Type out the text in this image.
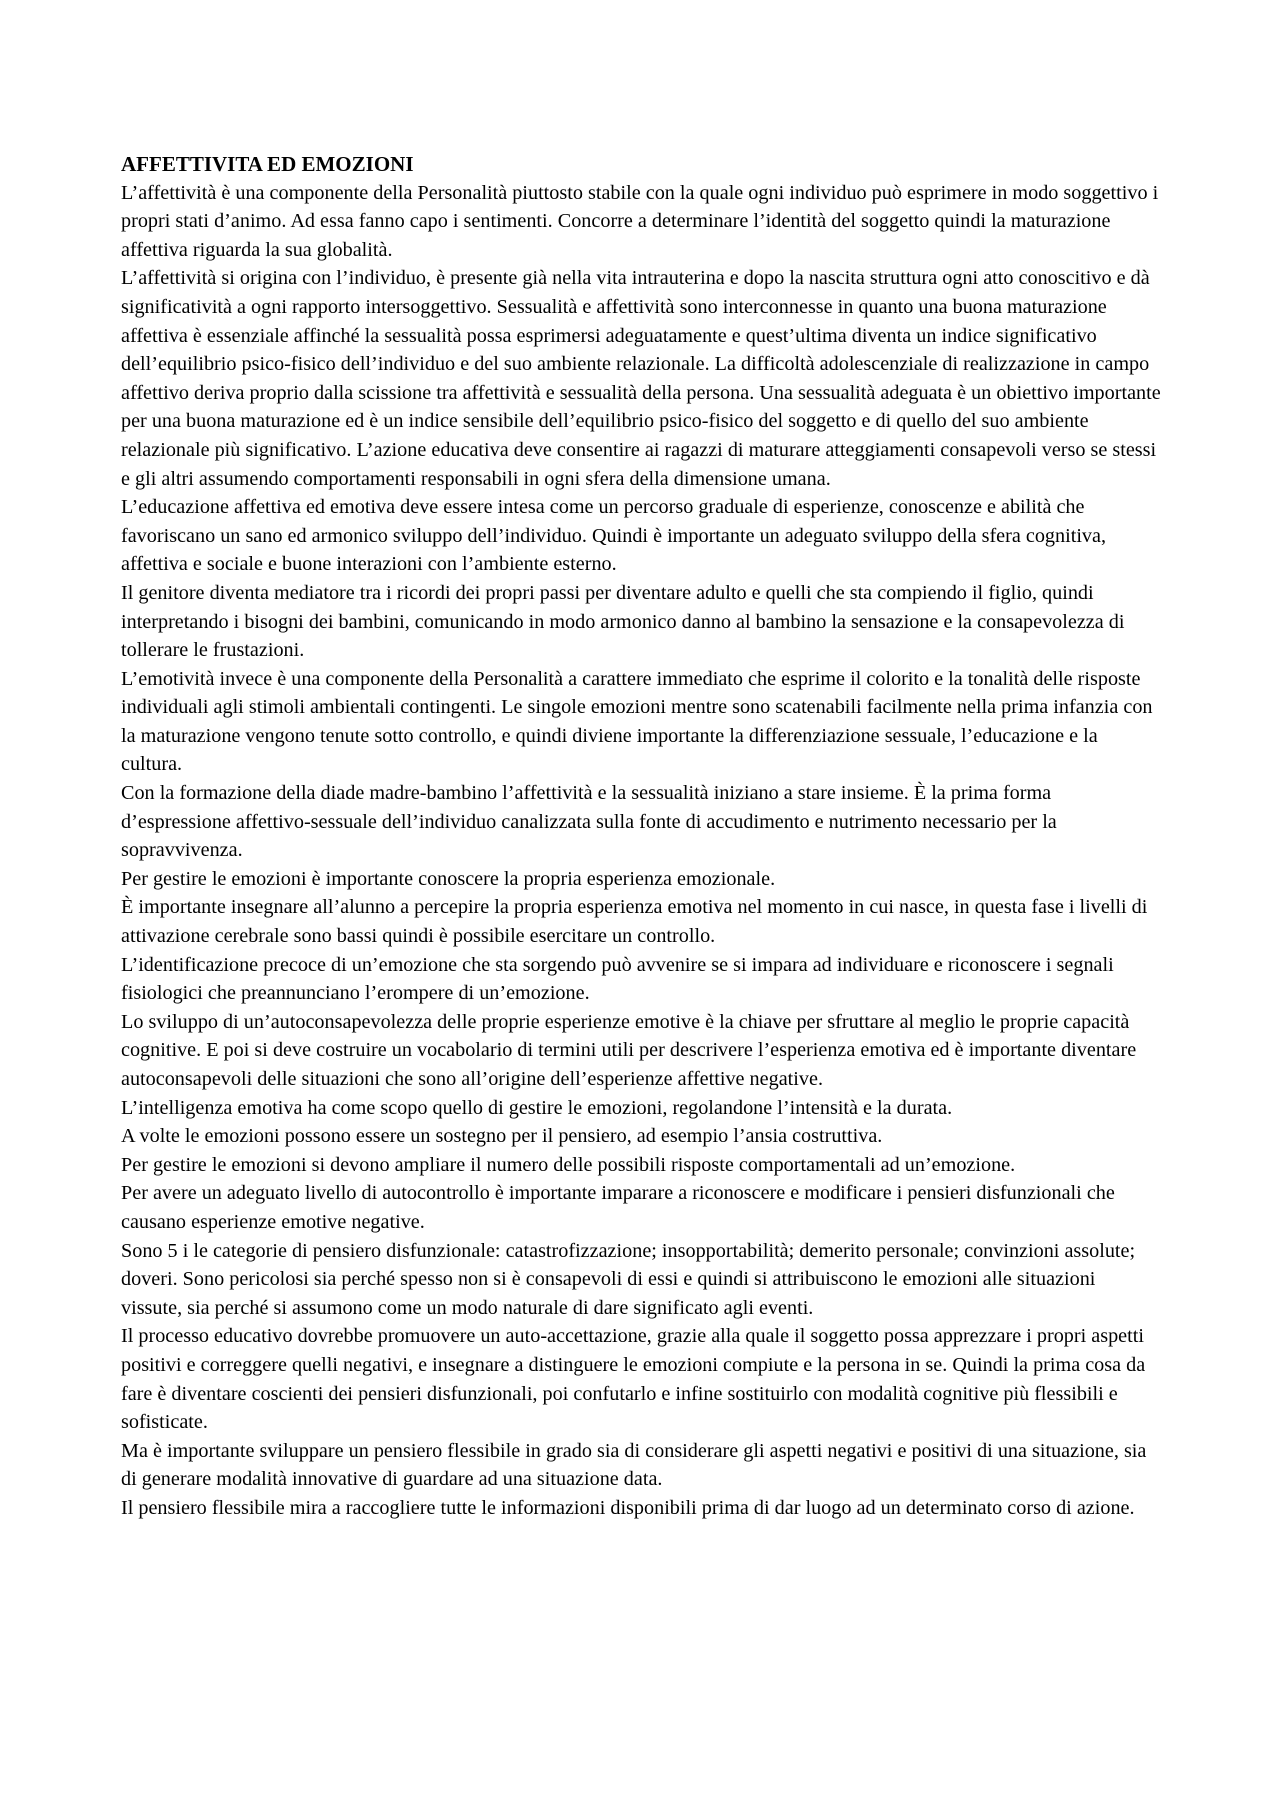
AFFETTIVITA ED EMOZIONI

L’affettività è una componente della Personalità piuttosto stabile con la quale ogni individuo può esprimere in modo soggettivo i propri stati d’animo. Ad essa fanno capo i sentimenti. Concorre a determinare l’identità del soggetto quindi la maturazione affettiva riguarda la sua globalità.

L’affettività si origina con l’individuo, è presente già nella vita intrauterina e dopo la nascita struttura ogni atto conoscitivo e dà significatività a ogni rapporto intersoggettivo. Sessualità e affettività sono interconnesse in quanto una buona maturazione affettiva è essenziale affinché la sessualità possa esprimersi adeguatamente e quest’ultima diventa un indice significativo dell’equilibrio psico-fisico dell’individuo e del suo ambiente relazionale. La difficoltà adolescenziale di realizzazione in campo affettivo deriva proprio dalla scissione tra affettività e sessualità della persona. Una sessualità adeguata è un obiettivo importante per una buona maturazione ed è un indice sensibile dell’equilibrio psico-fisico del soggetto e di quello del suo ambiente relazionale più significativo. L’azione educativa deve consentire ai ragazzi di maturare atteggiamenti consapevoli verso se stessi e gli altri assumendo comportamenti responsabili in ogni sfera della dimensione umana.

L’educazione affettiva ed emotiva deve essere intesa come un percorso graduale di esperienze, conoscenze e abilità che favoriscano un sano ed armonico sviluppo dell’individuo. Quindi è importante un adeguato sviluppo della sfera cognitiva, affettiva e sociale e buone interazioni con l’ambiente esterno.

Il genitore diventa mediatore tra i ricordi dei propri passi per diventare adulto e quelli che sta compiendo il figlio, quindi interpretando i bisogni dei bambini, comunicando in modo armonico danno al bambino la sensazione e la consapevolezza di tollerare le frustazioni.

L’emotività invece è una componente della Personalità a carattere immediato che esprime il colorito e la tonalità delle risposte individuali agli stimoli ambientali contingenti. Le singole emozioni mentre sono scatenabili facilmente nella prima infanzia con la maturazione vengono tenute sotto controllo, e quindi diviene importante la differenziazione sessuale, l’educazione e la cultura.

Con la formazione della diade madre-bambino l’affettività e la sessualità iniziano a stare insieme. È la prima forma d’espressione affettivo-sessuale dell’individuo canalizzata sulla fonte di accudimento e nutrimento necessario per la sopravvivenza.

Per gestire le emozioni è importante conoscere la propria esperienza emozionale.

È importante insegnare all’alunno a percepire la propria esperienza emotiva nel momento in cui nasce, in questa fase i livelli di attivazione cerebrale sono bassi quindi è possibile esercitare un controllo.

L’identificazione precoce di un’emozione che sta sorgendo può avvenire se si impara ad individuare e riconoscere i segnali fisiologici che preannunciano l’erompere di un’emozione.

Lo sviluppo di un’autoconsapevolezza delle proprie esperienze emotive è la chiave per sfruttare al meglio le proprie capacità cognitive. E poi si deve costruire un vocabolario di termini utili per descrivere l’esperienza emotiva ed è importante diventare autoconsapevoli delle situazioni che sono all’origine dell’esperienze affettive negative.

L’intelligenza emotiva ha come scopo quello di gestire le emozioni, regolandone l’intensità e la durata.

A volte le emozioni possono essere un sostegno per il pensiero, ad esempio l’ansia costruttiva.

Per gestire le emozioni si devono ampliare il numero delle possibili risposte comportamentali ad un’emozione.

Per avere un adeguato livello di autocontrollo è importante imparare a riconoscere e modificare i pensieri disfunzionali che causano esperienze emotive negative.

Sono 5 i le categorie di pensiero disfunzionale: catastrofizzazione; insopportabilità; demerito personale; convinzioni assolute; doveri. Sono pericolosi sia perché spesso non si è consapevoli di essi e quindi si attribuiscono le emozioni alle situazioni vissute, sia perché si assumono come un modo naturale di dare significato agli eventi.

Il processo educativo dovrebbe promuovere un auto-accettazione, grazie alla quale il soggetto possa apprezzare i propri aspetti positivi e correggere quelli negativi, e insegnare a distinguere le emozioni compiute e la persona in se. Quindi la prima cosa da fare è diventare coscienti dei pensieri disfunzionali, poi confutarlo e infine sostituirlo con modalità cognitive più flessibili e sofisticate.

Ma è importante sviluppare un pensiero flessibile in grado sia di considerare gli aspetti negativi e positivi di una situazione, sia di generare modalità innovative di guardare ad una situazione data.

Il pensiero flessibile mira a raccogliere tutte le informazioni disponibili prima di dar luogo ad un determinato corso di azione.
